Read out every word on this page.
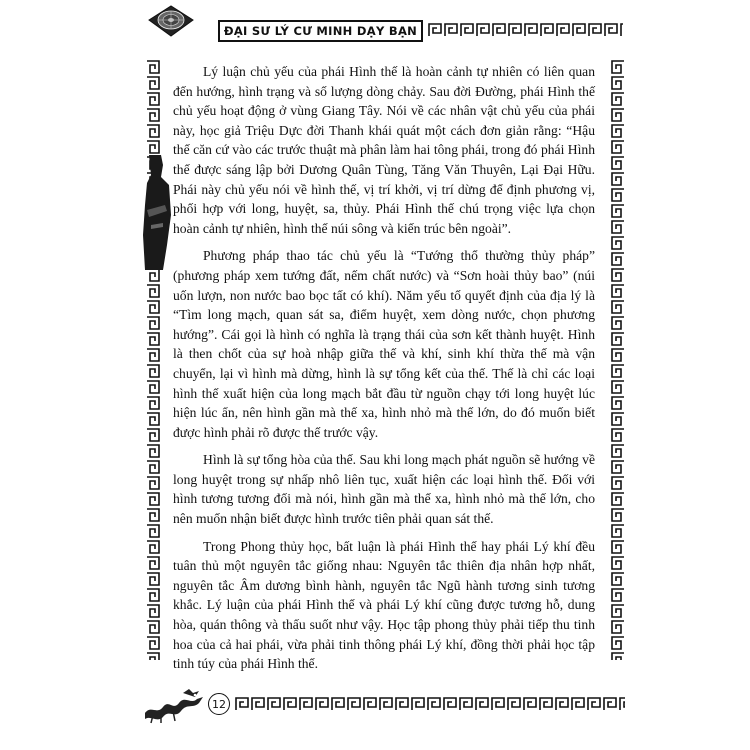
ĐẠI SƯ LÝ CƯ MINH DẠY BẠN

Lý luận chủ yếu của phái Hình thế là hoàn cảnh tự nhiên có liên quan đến hướng, hình trạng và số lượng dòng chảy. Sau đời Đường, phái Hình thế chủ yếu hoạt động ở vùng Giang Tây. Nói về các nhân vật chủ yếu của phái này, học giả Triệu Dực đời Thanh khái quát một cách đơn giản rằng: “Hậu thế căn cứ vào các trước thuật mà phân làm hai tông phái, trong đó phái Hình thế được sáng lập bởi Dương Quân Tùng, Tăng Văn Thuyên, Lại Đại Hữu. Phái này chủ yếu nói về hình thế, vị trí khởi, vị trí dừng để định phương vị, phối hợp với long, huyệt, sa, thủy. Phái Hình thế chú trọng việc lựa chọn hoàn cảnh tự nhiên, hình thế núi sông và kiến trúc bên ngoài”.

Phương pháp thao tác chủ yếu là “Tướng thổ thường thủy pháp” (phương pháp xem tướng đất, nếm chất nước) và “Sơn hoài thủy bao” (núi uốn lượn, non nước bao bọc tất có khí). Năm yếu tố quyết định của địa lý là “Tìm long mạch, quan sát sa, điểm huyệt, xem dòng nước, chọn phương hướng”. Cái gọi là hình có nghĩa là trạng thái của sơn kết thành huyệt. Hình là then chốt của sự hoà nhập giữa thế và khí, sinh khí thừa thế mà vận chuyển, lại vì hình mà dừng, hình là sự tổng kết của thế. Thế là chỉ các loại hình thế xuất hiện của long mạch bắt đầu từ nguồn chạy tới long huyệt lúc hiện lúc ẩn, nên hình gần mà thế xa, hình nhỏ mà thế lớn, do đó muốn biết được hình phải rõ được thế trước vậy.

Hình là sự tổng hòa của thế. Sau khi long mạch phát nguồn sẽ hướng về long huyệt trong sự nhấp nhô liên tục, xuất hiện các loại hình thế. Đối với hình tương tương đối mà nói, hình gần mà thế xa, hình nhỏ mà thế lớn, cho nên muốn nhận biết được hình trước tiên phải quan sát thế.

Trong Phong thủy học, bất luận là phái Hình thế hay phái Lý khí đều tuân thủ một nguyên tắc giống nhau: Nguyên tắc thiên địa nhân hợp nhất, nguyên tắc Âm dương bình hành, nguyên tắc Ngũ hành tương sinh tương khắc. Lý luận của phái Hình thế và phái Lý khí cũng được tương hỗ, dung hòa, quán thông và thấu suốt như vậy. Học tập phong thủy phải tiếp thu tinh hoa của cả hai phái, vừa phải tinh thông phái Lý khí, đồng thời phải học tập tinh túy của phái Hình thế.

12
